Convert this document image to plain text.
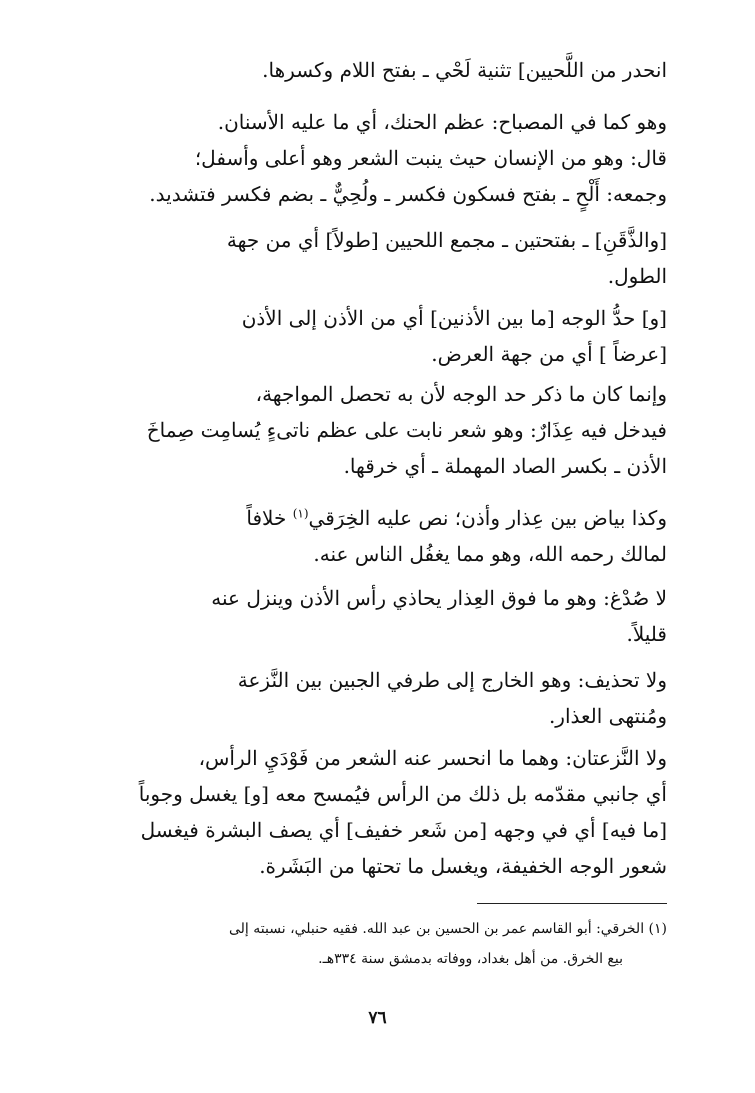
انحدر من اللَّحيين] تثنية لَحْي ـ بفتح اللام وكسرها.

وهو كما في المصباح: عظم الحنك، أي ما عليه الأسنان.

قال: وهو من الإنسان حيث ينبت الشعر وهو أعلى وأسفل؛

وجمعه: أَلْحٍ ـ بفتح فسكون فكسر ـ ولُحِيٌّ ـ بضم فكسر فتشديد.

[والذَّقَنِ] ـ بفتحتين ـ مجمع اللحيين [طولاً] أي من جهة

الطول.

[و] حدُّ الوجه [ما بين الأذنين] أي من الأذن إلى الأذن

[عرضاً ] أي من جهة العرض.

وإنما كان ما ذكر حد الوجه لأن به تحصل المواجهة،

فيدخل فيه عِذَارٌ: وهو شعر نابت على عظم ناتىءٍ يُسامِت صِماخَ

الأذن ـ بكسر الصاد المهملة ـ أي خرقها.

وكذا بياض بين عِذار وأذن؛ نص عليه الخِرَقي$^{(١)}$ خلافاً

لمالك رحمه الله، وهو مما يغفُل الناس عنه.

لا صُدْغ: وهو ما فوق العِذار يحاذي رأس الأذن وينزل عنه

قليلاً.

ولا تحذيف: وهو الخارج إلى طرفي الجبين بين النَّزعة

ومُنتهى العذار.

ولا النَّزعتان: وهما ما انحسر عنه الشعر من فَوْدَيِ الرأس،

أي جانبي مقدّمه بل ذلك من الرأس فيُمسح معه [و] يغسل وجوباً

[ما فيه] أي في وجهه [من شَعر خفيف] أي يصف البشرة فيغسل

شعور الوجه الخفيفة، ويغسل ما تحتها من البَشَرة.

(١) الخرقي: أبو القاسم عمر بن الحسين بن عبد الله. فقيه حنبلي، نسبته إلى
بيع الخرق. من أهل بغداد، ووفاته بدمشق سنة ٣٣٤هـ.
٧٦
